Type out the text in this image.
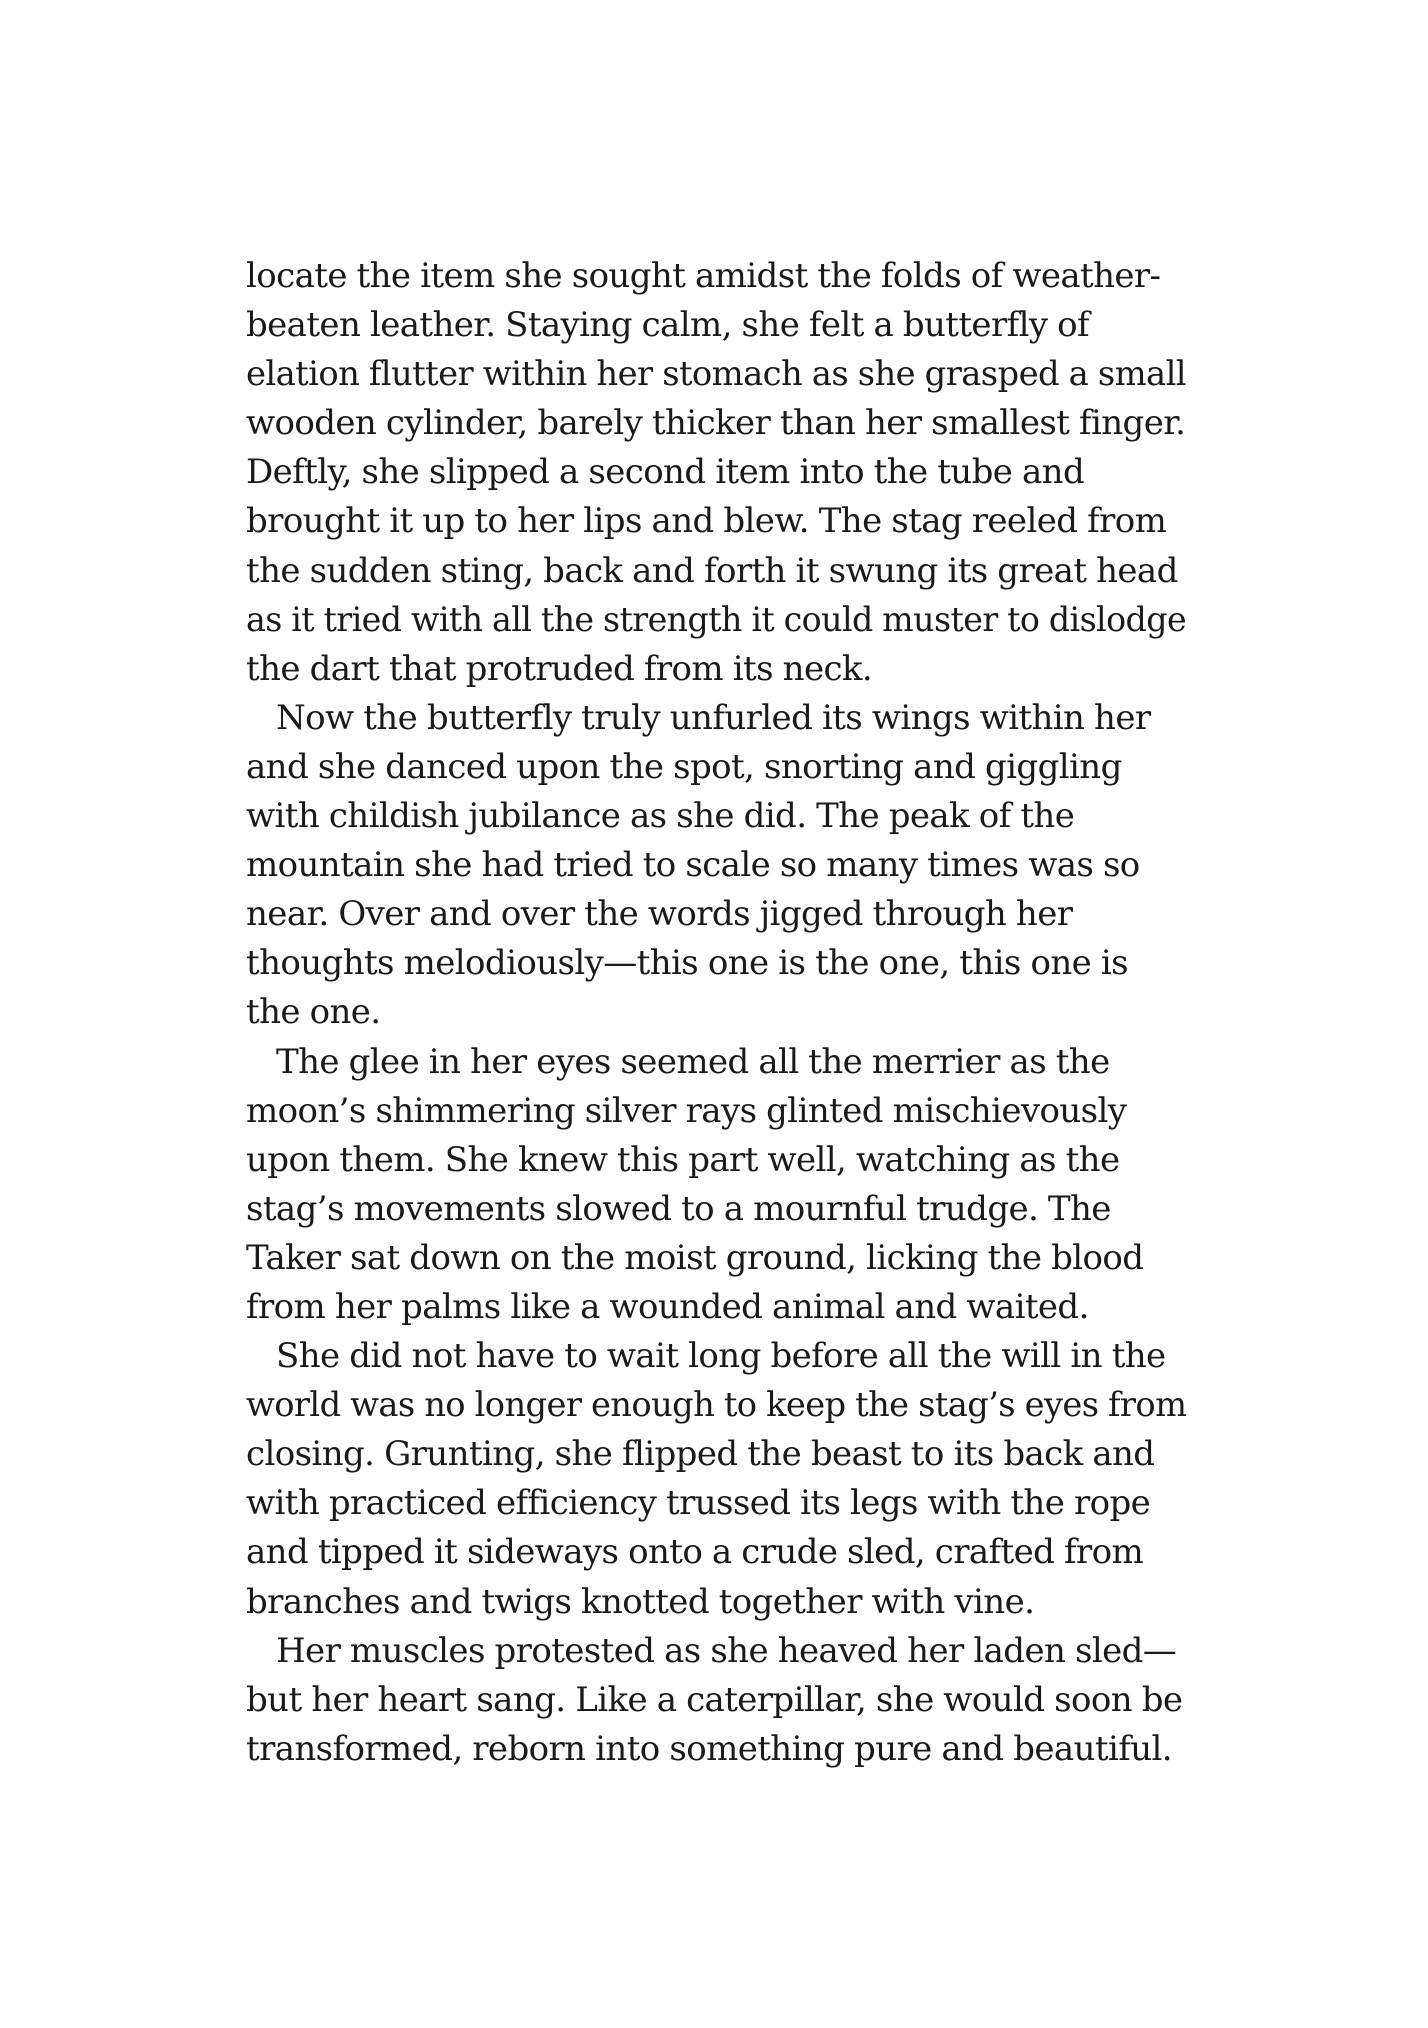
locate the item she sought amidst the folds of weather-
beaten leather. Staying calm, she felt a butterfly of
elation flutter within her stomach as she grasped a small
wooden cylinder, barely thicker than her smallest finger.
Deftly, she slipped a second item into the tube and
brought it up to her lips and blew. The stag reeled from
the sudden sting, back and forth it swung its great head
as it tried with all the strength it could muster to dislodge
the dart that protruded from its neck.
Now the butterfly truly unfurled its wings within her
and she danced upon the spot, snorting and giggling
with childish jubilance as she did. The peak of the
mountain she had tried to scale so many times was so
near. Over and over the words jigged through her
thoughts melodiously—this one is the one, this one is
the one.
The glee in her eyes seemed all the merrier as the
moon’s shimmering silver rays glinted mischievously
upon them. She knew this part well, watching as the
stag’s movements slowed to a mournful trudge. The
Taker sat down on the moist ground, licking the blood
from her palms like a wounded animal and waited.
She did not have to wait long before all the will in the
world was no longer enough to keep the stag’s eyes from
closing. Grunting, she flipped the beast to its back and
with practiced efficiency trussed its legs with the rope
and tipped it sideways onto a crude sled, crafted from
branches and twigs knotted together with vine.
Her muscles protested as she heaved her laden sled—
but her heart sang. Like a caterpillar, she would soon be
transformed, reborn into something pure and beautiful.
